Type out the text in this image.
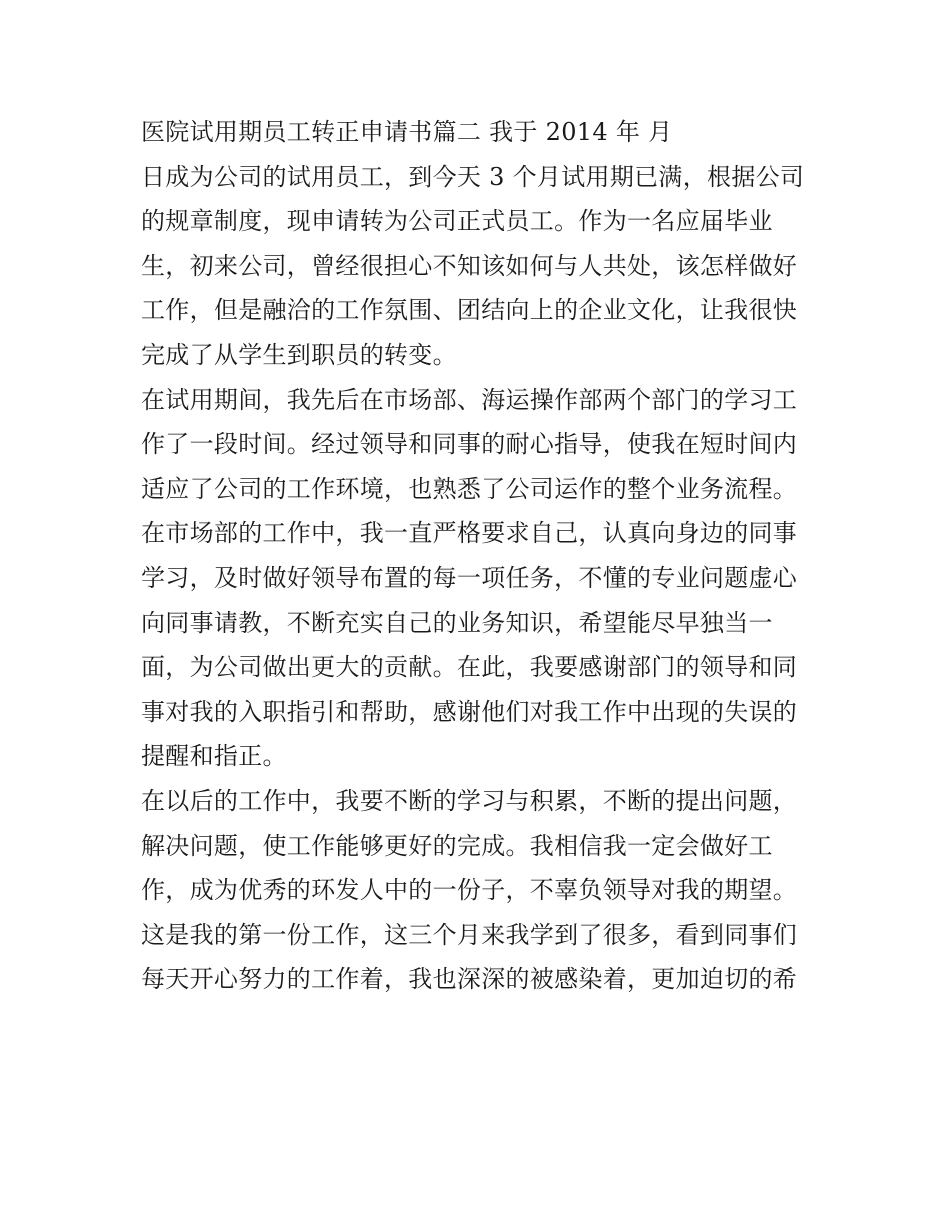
医院试用期员工转正申请书篇二 我于 2014 年 月
日成为公司的试用员工，到今天 3 个月试用期已满，根据公司
的规章制度，现申请转为公司正式员工。作为一名应届毕业
生，初来公司，曾经很担心不知该如何与人共处，该怎样做好
工作，但是融洽的工作氛围、团结向上的企业文化，让我很快
完成了从学生到职员的转变。
在试用期间，我先后在市场部、海运操作部两个部门的学习工
作了一段时间。经过领导和同事的耐心指导，使我在短时间内
适应了公司的工作环境，也熟悉了公司运作的整个业务流程。
在市场部的工作中，我一直严格要求自己，认真向身边的同事
学习，及时做好领导布置的每一项任务，不懂的专业问题虚心
向同事请教，不断充实自己的业务知识，希望能尽早独当一
面，为公司做出更大的贡献。在此，我要感谢部门的领导和同
事对我的入职指引和帮助，感谢他们对我工作中出现的失误的
提醒和指正。
在以后的工作中，我要不断的学习与积累，不断的提出问题，
解决问题，使工作能够更好的完成。我相信我一定会做好工
作，成为优秀的环发人中的一份子，不辜负领导对我的期望。
这是我的第一份工作，这三个月来我学到了很多，看到同事们
每天开心努力的工作着，我也深深的被感染着，更加迫切的希
